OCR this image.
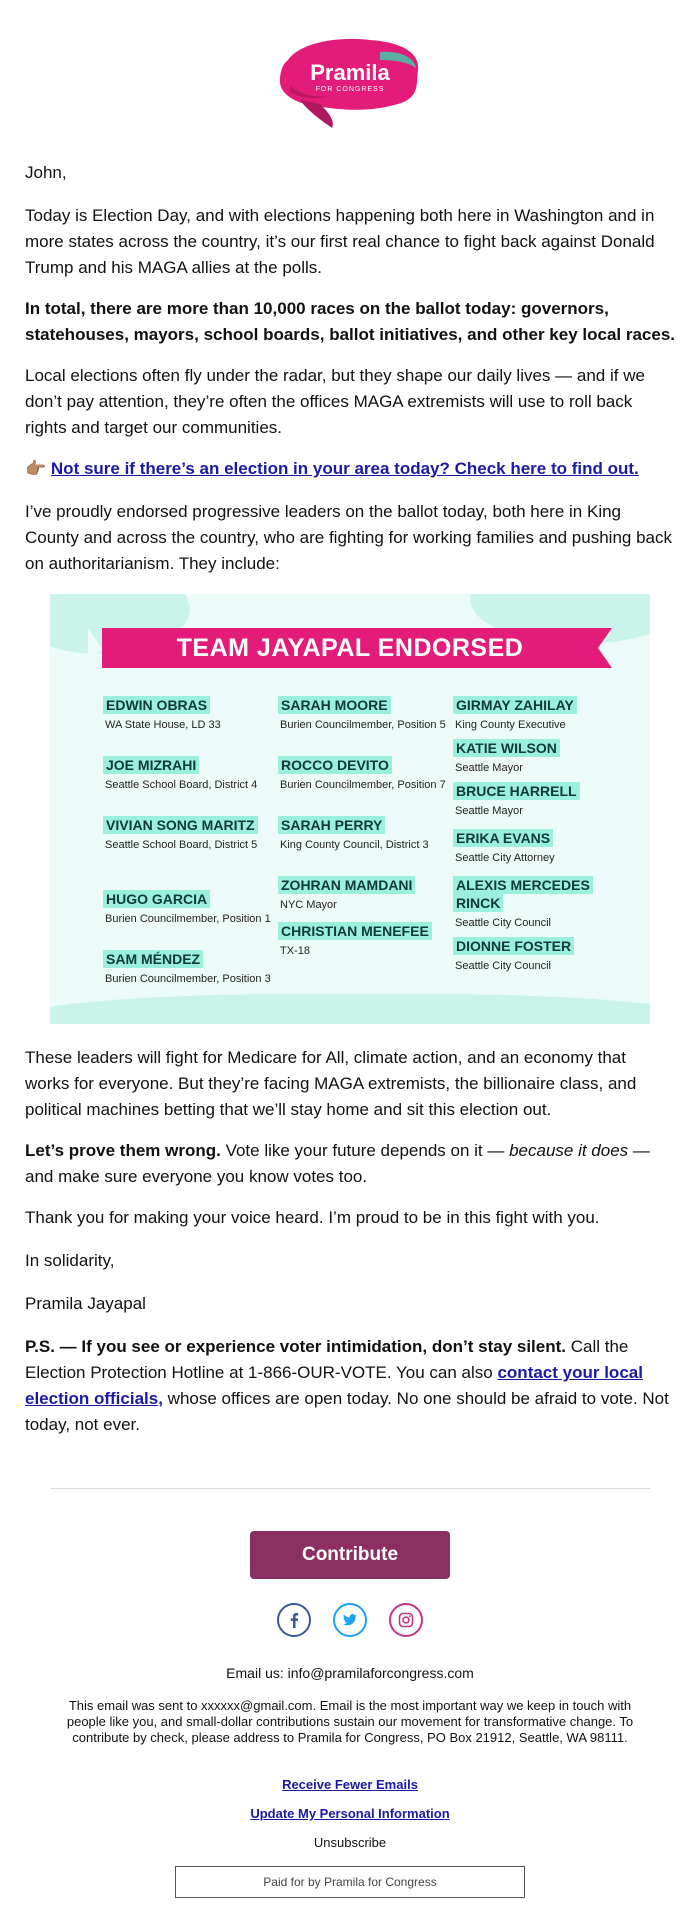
Pramila
FOR CONGRESS
John,
Today is Election Day, and with elections happening both here in Washington and in more states across the country, it’s our first real chance to fight back against Donald Trump and his MAGA allies at the polls.
In total, there are more than 10,000 races on the ballot today: governors, statehouses, mayors, school boards, ballot initiatives, and other key local races.
Local elections often fly under the radar, but they shape our daily lives — and if we don’t pay attention, they’re often the offices MAGA extremists will use to roll back rights and target our communities.
👉🏽 Not sure if there’s an election in your area today? Check here to find out.
I’ve proudly endorsed progressive leaders on the ballot today, both here in King County and across the country, who are fighting for working families and pushing back on authoritarianism. They include:
TEAM JAYAPAL ENDORSED
EDWIN OBRAS
WA State House, LD 33
JOE MIZRAHI
Seattle School Board, District 4
VIVIAN SONG MARITZ
Seattle School Board, District 5
HUGO GARCIA
Burien Councilmember, Position 1
SAM MÉNDEZ
Burien Councilmember, Position 3
SARAH MOORE
Burien Councilmember, Position 5
ROCCO DEVITO
Burien Councilmember, Position 7
SARAH PERRY
King County Council, District 3
ZOHRAN MAMDANI
NYC Mayor
CHRISTIAN MENEFEE
TX-18
GIRMAY ZAHILAY
King County Executive
KATIE WILSON
Seattle Mayor
BRUCE HARRELL
Seattle Mayor
ERIKA EVANS
Seattle City Attorney
ALEXIS MERCEDES RINCK
Seattle City Council
DIONNE FOSTER
Seattle City Council
These leaders will fight for Medicare for All, climate action, and an economy that works for everyone. But they’re facing MAGA extremists, the billionaire class, and political machines betting that we’ll stay home and sit this election out.
Let’s prove them wrong. Vote like your future depends on it — because it does — and make sure everyone you know votes too.
Thank you for making your voice heard. I’m proud to be in this fight with you.
In solidarity,
Pramila Jayapal
P.S. — If you see or experience voter intimidation, don’t stay silent. Call the Election Protection Hotline at 1-866-OUR-VOTE. You can also contact your local election officials, whose offices are open today. No one should be afraid to vote. Not today, not ever.
Contribute
Email us: info@pramilaforcongress.com
This email was sent to xxxxxx@gmail.com. Email is the most important way we keep in touch with people like you, and small-dollar contributions sustain our movement for transformative change. To contribute by check, please address to Pramila for Congress, PO Box 21912, Seattle, WA 98111.
Receive Fewer Emails
Update My Personal Information
Unsubscribe
Paid for by Pramila for Congress
